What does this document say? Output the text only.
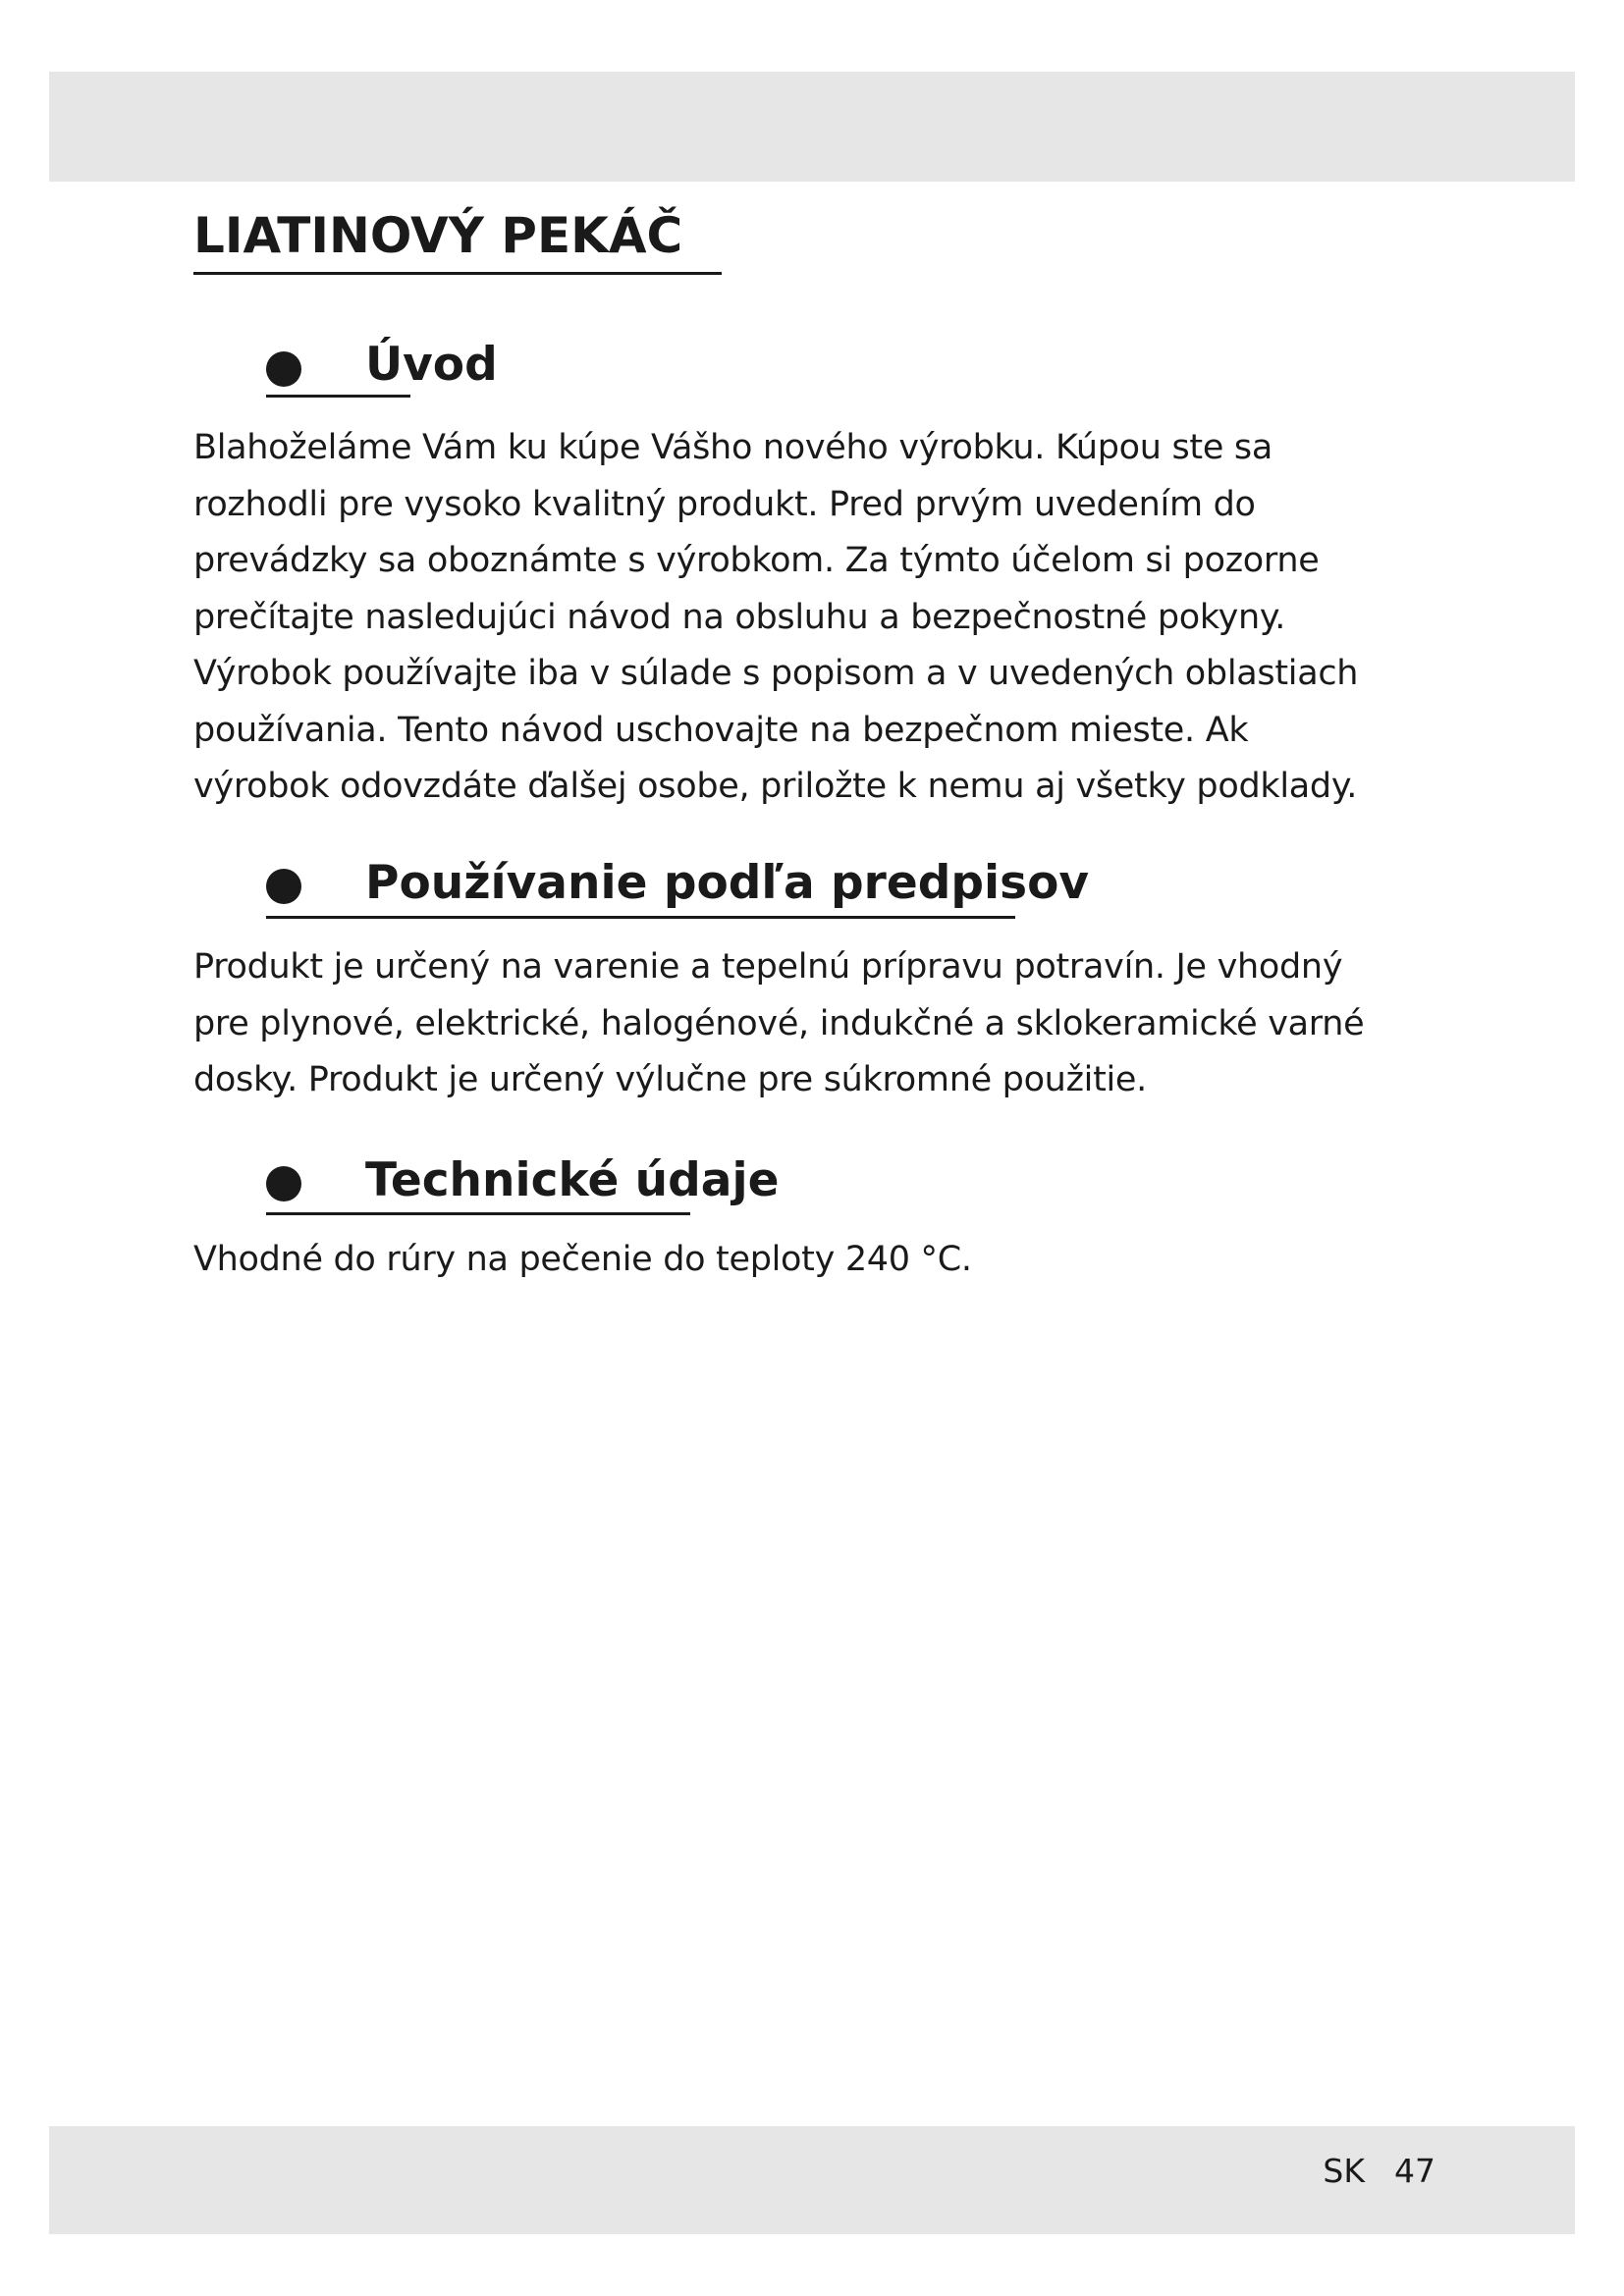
LIATINOVÝ PEKÁČ
Úvod
Blahoželáme Vám ku kúpe Vášho nového výrobku. Kúpou ste sa
rozhodli pre vysoko kvalitný produkt. Pred prvým uvedením do
prevádzky sa oboznámte s výrobkom. Za týmto účelom si pozorne
prečítajte nasledujúci návod na obsluhu a bezpečnostné pokyny.
Výrobok používajte iba v súlade s popisom a v uvedených oblastiach
používania. Tento návod uschovajte na bezpečnom mieste. Ak
výrobok odovzdáte ďalšej osobe, priložte k nemu aj všetky podklady.
Používanie podľa predpisov
Produkt je určený na varenie a tepelnú prípravu potravín. Je vhodný
pre plynové, elektrické, halogénové, indukčné a sklokeramické varné
dosky. Produkt je určený výlučne pre súkromné použitie.
Technické údaje
Vhodné do rúry na pečenie do teploty 240 °C.
SK 47
